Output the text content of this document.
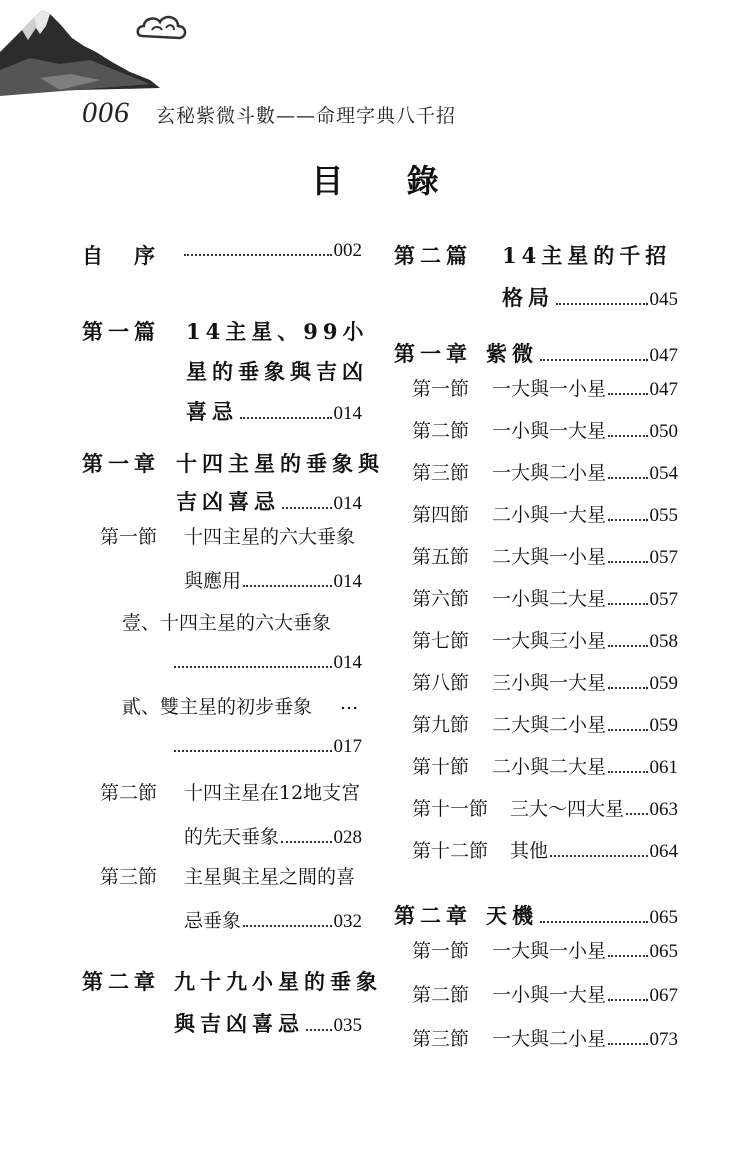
006	玄秘紫微斗數——命理字典八千招
目 錄
自　序	002
第一篇 14主星、99小
星的垂象與吉凶
喜忌	014
第一章 十四主星的垂象與
吉凶喜忌	014
第一節 十四主星的六大垂象
與應用	014
壹、十四主星的六大垂象
014
貳、雙主星的初步垂象 ...
017
第二節 十四主星在12地支宮
的先天垂象	028
第三節 主星與主星之間的喜
忌垂象	032
第二章 九十九小星的垂象
與吉凶喜忌 035
第二篇 14主星的千招
格局	045
第一章 紫微	047
第一節 一大與一小星 047
第二節 一小與一大星 050
第三節 一大與二小星 054
第四節 二小與一大星 055
第五節 二大與一小星 057
第六節 一小與二大星 057
第七節 一大與三小星 058
第八節 三小與一大星 059
第九節 二大與二小星 059
第十節 二小與二大星 061
第十一節 三大～四大星 063
第十二節 其他	064
第二章 天機	065
第一節 一大與一小星 065
第二節 一小與一大星 067
第三節 一大與二小星 073
